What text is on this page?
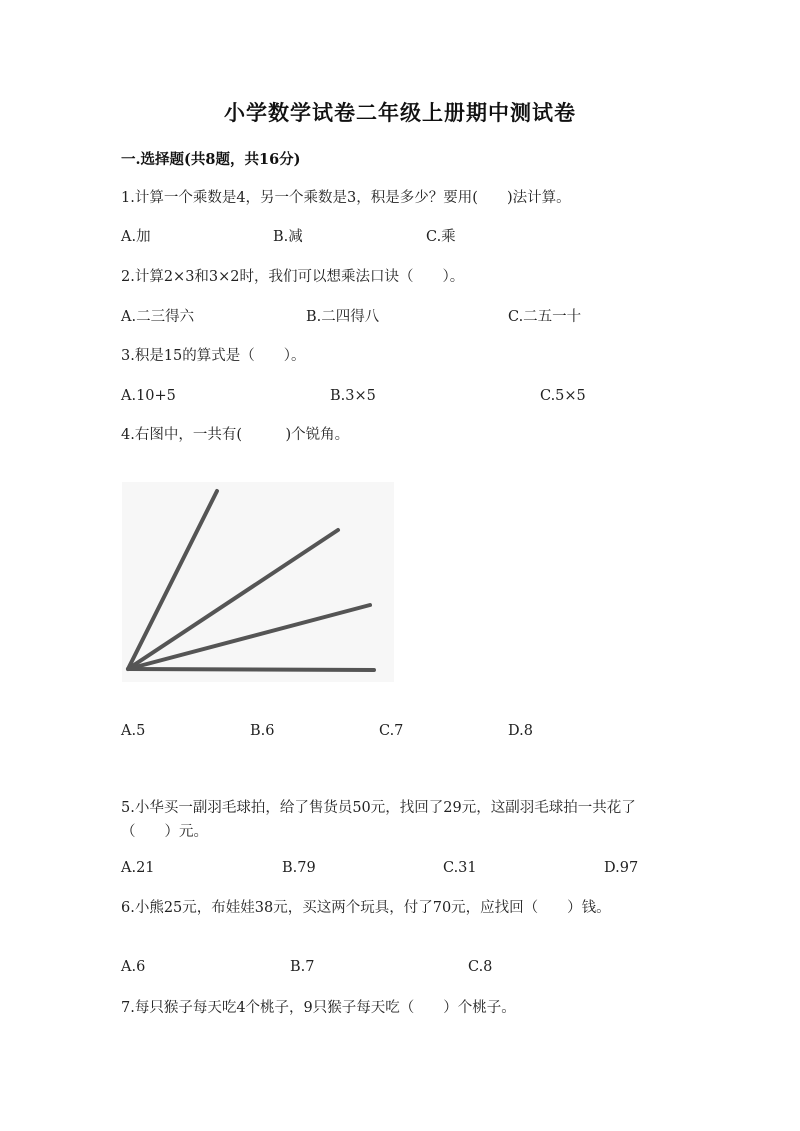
小学数学试卷二年级上册期中测试卷
一.选择题(共8题，共16分)
1.计算一个乘数是4，另一个乘数是3，积是多少？要用(　　)法计算。
A.加	B.减	C.乘
2.计算2×3和3×2时，我们可以想乘法口诀（　　）。
A.二三得六	B.二四得八	C.二五一十
3.积是15的算式是（　　）。
A.10+5	B.3×5	C.5×5
4.右图中，一共有(　　　)个锐角。
A.5	B.6	C.7	D.8
5.小华买一副羽毛球拍，给了售货员50元，找回了29元，这副羽毛球拍一共花了（　　）元。
A.21	B.79	C.31	D.97
6.小熊25元，布娃娃38元，买这两个玩具，付了70元，应找回（　　）钱。
A.6	B.7	C.8
7.每只猴子每天吃4个桃子，9只猴子每天吃（　　）个桃子。
